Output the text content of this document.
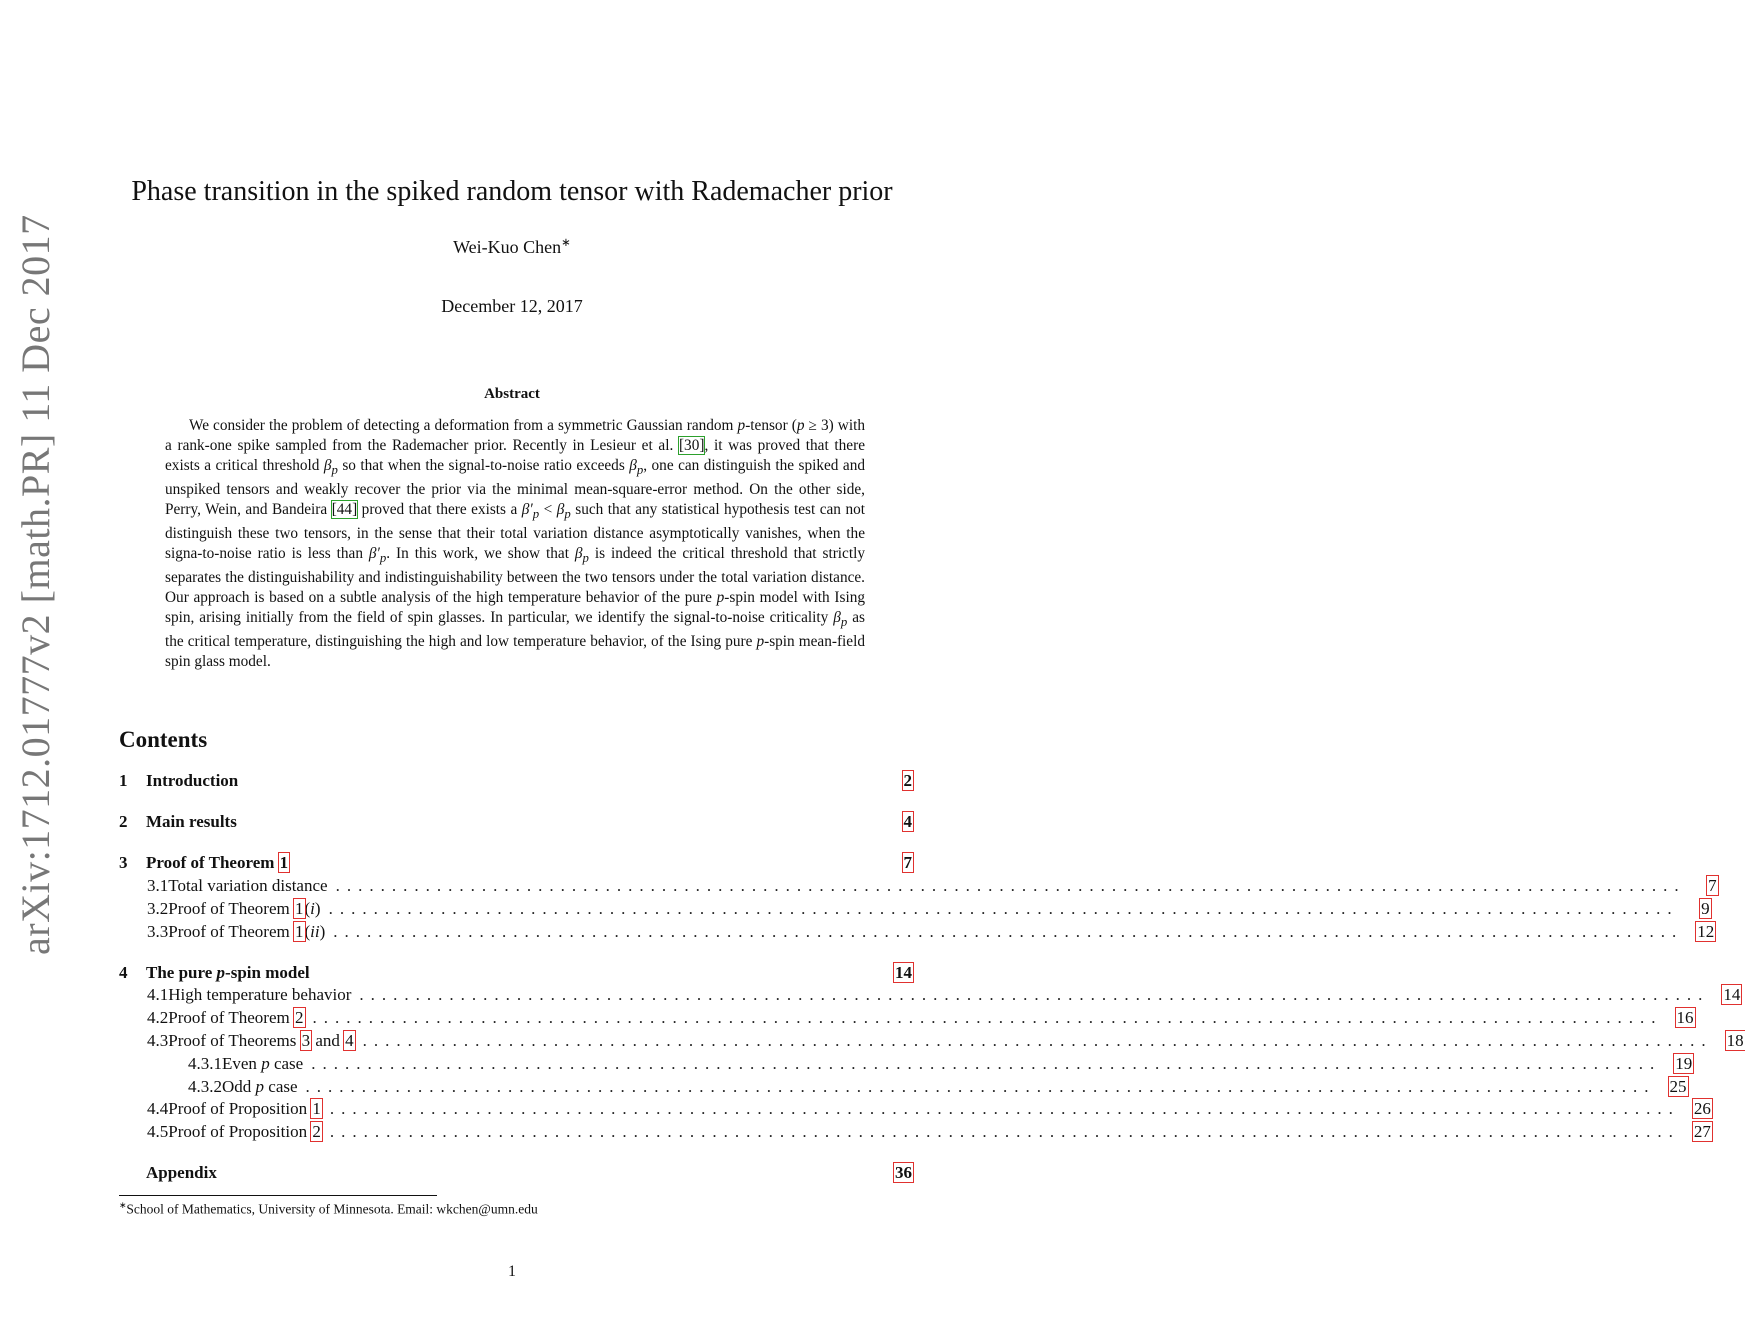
arXiv:1712.01777v2 [math.PR] 11 Dec 2017
Phase transition in the spiked random tensor with Rademacher prior
Wei-Kuo Chen∗
December 12, 2017
Abstract
We consider the problem of detecting a deformation from a symmetric Gaussian random p-tensor (p ≥ 3) with a rank-one spike sampled from the Rademacher prior. Recently in Lesieur et al. [30], it was proved that there exists a critical threshold $\beta_p$ so that when the signal-to-noise ratio exceeds $\beta_p$, one can distinguish the spiked and unspiked tensors and weakly recover the prior via the minimal mean-square-error method. On the other side, Perry, Wein, and Bandeira [44] proved that there exists a $\beta'_p < \beta_p$ such that any statistical hypothesis test can not distinguish these two tensors, in the sense that their total variation distance asymptotically vanishes, when the signa-to-noise ratio is less than $\beta'_p$. In this work, we show that $\beta_p$ is indeed the critical threshold that strictly separates the distinguishability and indistinguishability between the two tensors under the total variation distance. Our approach is based on a subtle analysis of the high temperature behavior of the pure p-spin model with Ising spin, arising initially from the field of spin glasses. In particular, we identify the signal-to-noise criticality $\beta_p$ as the critical temperature, distinguishing the high and low temperature behavior, of the Ising pure p-spin mean-field spin glass model.
Contents
1	Introduction	2
2	Main results	4
3	Proof of Theorem 1	7
3.1 Total variation distance ........................................................................................................................	7
3.2 Proof of Theorem 1(i) ........................................................................................................................	9
3.3 Proof of Theorem 1(ii) ........................................................................................................................ 12
4	The pure p-spin model	14
4.1 High temperature behavior ........................................................................................................................ 14
4.2 Proof of Theorem 2 ........................................................................................................................ 16
4.3 Proof of Theorems 3 and 4 ........................................................................................................................ 18
4.3.1 Even p case ........................................................................................................................ 19
4.3.2 Odd p case ........................................................................................................................ 25
4.4 Proof of Proposition 1 ........................................................................................................................ 26
4.5 Proof of Proposition 2 ........................................................................................................................ 27
Appendix	36
∗School of Mathematics, University of Minnesota. Email: wkchen@umn.edu
1
